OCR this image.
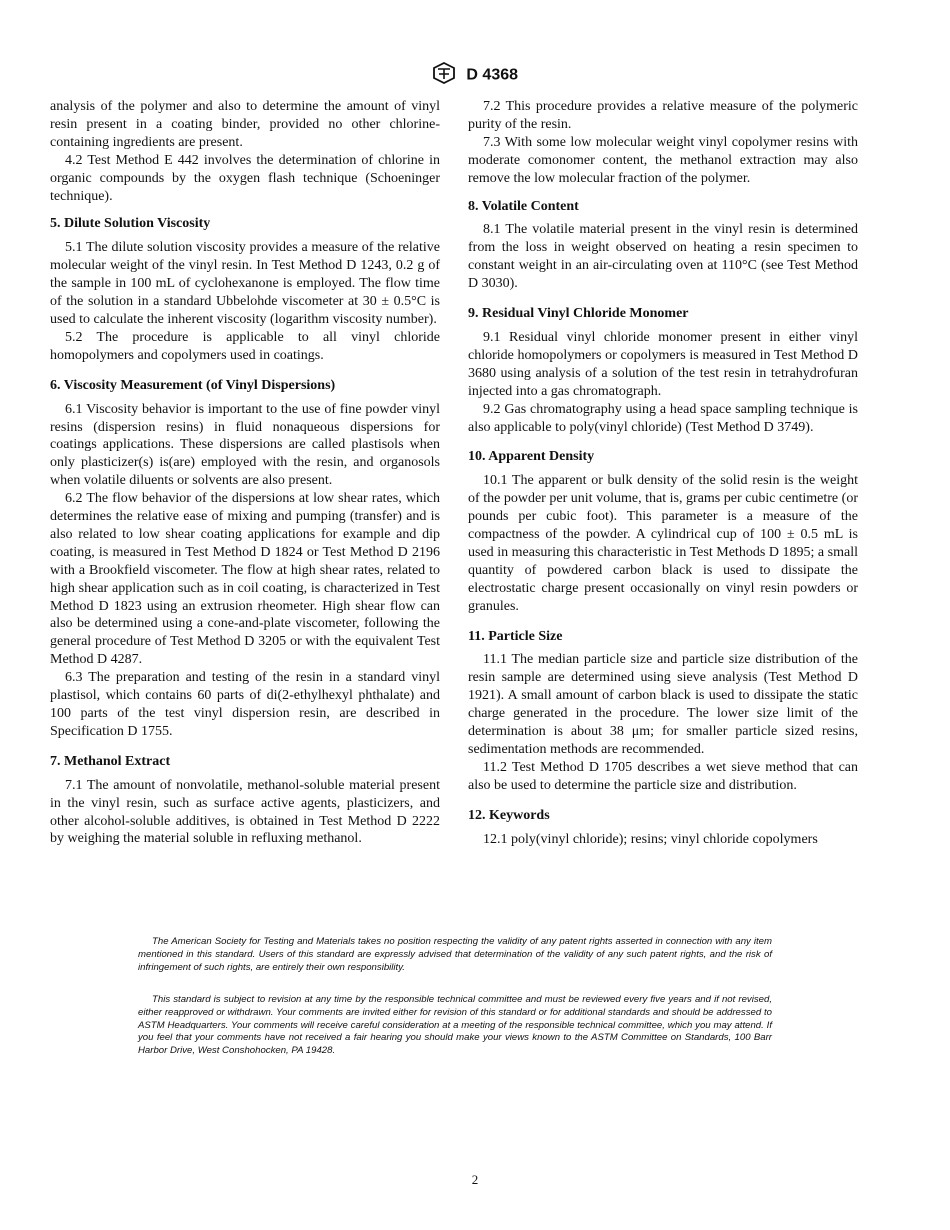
D 4368

analysis of the polymer and also to determine the amount of vinyl resin present in a coating binder, provided no other chlorine-containing ingredients are present.

4.2 Test Method E 442 involves the determination of chlorine in organic compounds by the oxygen flash technique (Schoeninger technique).

5. Dilute Solution Viscosity

5.1 The dilute solution viscosity provides a measure of the relative molecular weight of the vinyl resin. In Test Method D 1243, 0.2 g of the sample in 100 mL of cyclohexanone is employed. The flow time of the solution in a standard Ubbelohde viscometer at 30 ± 0.5°C is used to calculate the inherent viscosity (logarithm viscosity number).

5.2 The procedure is applicable to all vinyl chloride homopolymers and copolymers used in coatings.

6. Viscosity Measurement (of Vinyl Dispersions)

6.1 Viscosity behavior is important to the use of fine powder vinyl resins (dispersion resins) in fluid nonaqueous dispersions for coatings applications. These dispersions are called plastisols when only plasticizer(s) is(are) employed with the resin, and organosols when volatile diluents or solvents are also present.

6.2 The flow behavior of the dispersions at low shear rates, which determines the relative ease of mixing and pumping (transfer) and is also related to low shear coating applications for example and dip coating, is measured in Test Method D 1824 or Test Method D 2196 with a Brookfield viscometer. The flow at high shear rates, related to high shear application such as in coil coating, is characterized in Test Method D 1823 using an extrusion rheometer. High shear flow can also be determined using a cone-and-plate viscometer, following the general procedure of Test Method D 3205 or with the equivalent Test Method D 4287.

6.3 The preparation and testing of the resin in a standard vinyl plastisol, which contains 60 parts of di(2-ethylhexyl phthalate) and 100 parts of the test vinyl dispersion resin, are described in Specification D 1755.

7. Methanol Extract

7.1 The amount of nonvolatile, methanol-soluble material present in the vinyl resin, such as surface active agents, plasticizers, and other alcohol-soluble additives, is obtained in Test Method D 2222 by weighing the material soluble in refluxing methanol.

7.2 This procedure provides a relative measure of the polymeric purity of the resin.

7.3 With some low molecular weight vinyl copolymer resins with moderate comonomer content, the methanol extraction may also remove the low molecular fraction of the polymer.

8. Volatile Content

8.1 The volatile material present in the vinyl resin is determined from the loss in weight observed on heating a resin specimen to constant weight in an air-circulating oven at 110°C (see Test Method D 3030).

9. Residual Vinyl Chloride Monomer

9.1 Residual vinyl chloride monomer present in either vinyl chloride homopolymers or copolymers is measured in Test Method D 3680 using analysis of a solution of the test resin in tetrahydrofuran injected into a gas chromatograph.

9.2 Gas chromatography using a head space sampling technique is also applicable to poly(vinyl chloride) (Test Method D 3749).

10. Apparent Density

10.1 The apparent or bulk density of the solid resin is the weight of the powder per unit volume, that is, grams per cubic centimetre (or pounds per cubic foot). This parameter is a measure of the compactness of the powder. A cylindrical cup of 100 ± 0.5 mL is used in measuring this characteristic in Test Methods D 1895; a small quantity of powdered carbon black is used to dissipate the electrostatic charge present occasionally on vinyl resin powders or granules.

11. Particle Size

11.1 The median particle size and particle size distribution of the resin sample are determined using sieve analysis (Test Method D 1921). A small amount of carbon black is used to dissipate the static charge generated in the procedure. The lower size limit of the determination is about 38 μm; for smaller particle sized resins, sedimentation methods are recommended.

11.2 Test Method D 1705 describes a wet sieve method that can also be used to determine the particle size and distribution.

12. Keywords

12.1 poly(vinyl chloride); resins; vinyl chloride copolymers

The American Society for Testing and Materials takes no position respecting the validity of any patent rights asserted in connection with any item mentioned in this standard. Users of this standard are expressly advised that determination of the validity of any such patent rights, and the risk of infringement of such rights, are entirely their own responsibility.

This standard is subject to revision at any time by the responsible technical committee and must be reviewed every five years and if not revised, either reapproved or withdrawn. Your comments are invited either for revision of this standard or for additional standards and should be addressed to ASTM Headquarters. Your comments will receive careful consideration at a meeting of the responsible technical committee, which you may attend. If you feel that your comments have not received a fair hearing you should make your views known to the ASTM Committee on Standards, 100 Barr Harbor Drive, West Conshohocken, PA 19428.

2
